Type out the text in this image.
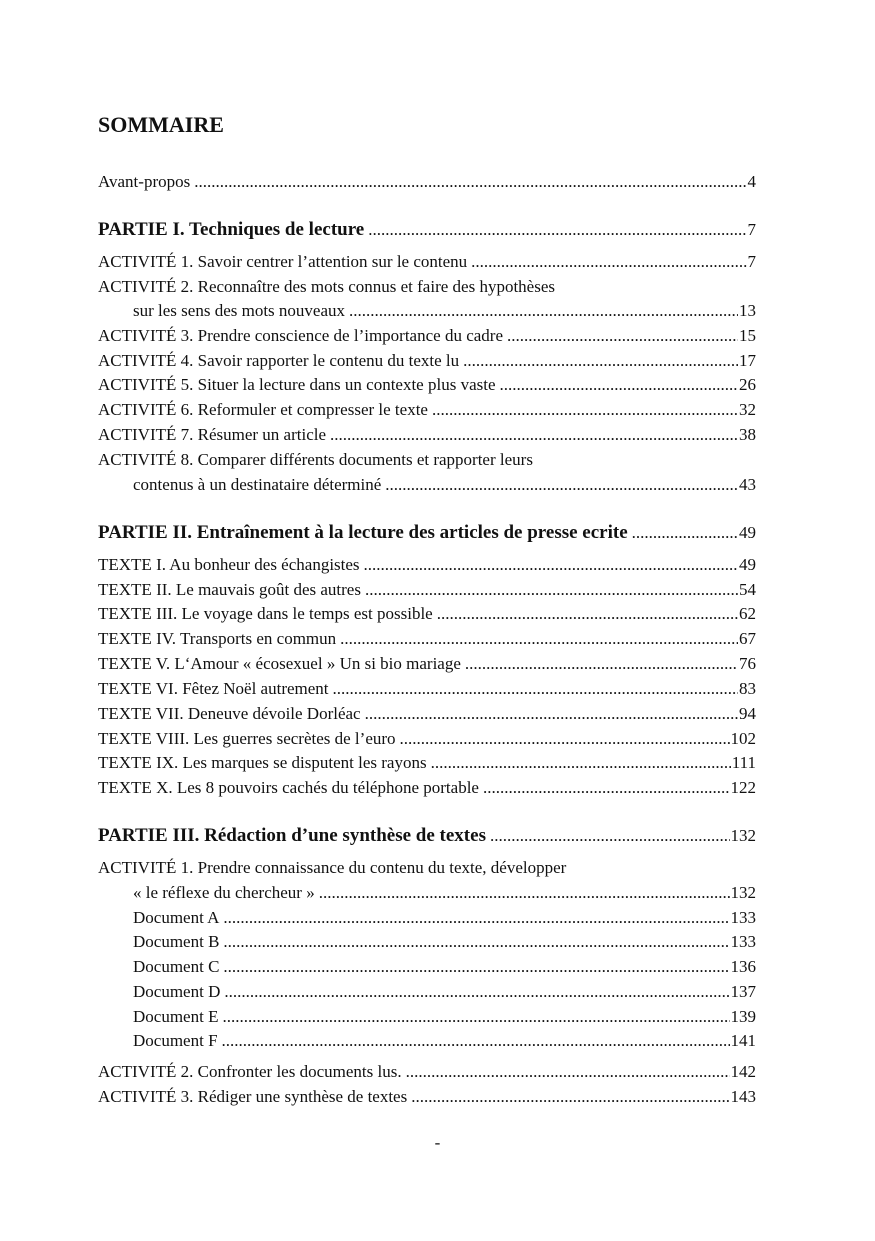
SOMMAIRE
Avant-propos .....	4
PARTIE I. Techniques de lecture .....	7
ACTIVITÉ 1. Savoir centrer l’attention sur le contenu .....	7
ACTIVITÉ 2. Reconnaître des mots connus et faire des hypothèses
sur les sens des mots nouveaux .....	13
ACTIVITÉ 3. Prendre conscience de l’importance du cadre .....	15
ACTIVITÉ 4. Savoir rapporter le contenu du texte lu .....	17
ACTIVITÉ 5. Situer la lecture dans un contexte plus vaste .....	26
ACTIVITÉ 6. Reformuler et compresser le texte .....	32
ACTIVITÉ 7. Résumer un article .....	38
ACTIVITÉ 8. Comparer différents documents et rapporter leurs
contenus à un destinataire déterminé .....	43
PARTIE II. Entraînement à la lecture des articles de presse ecrite .....	49
TEXTE I. Au bonheur des échangistes .....	49
TEXTE II. Le mauvais goût des autres .....	54
TEXTE III. Le voyage dans le temps est possible .....	62
TEXTE IV. Transports en commun .....	67
TEXTE V. L‘Amour « écosexuel » Un si bio mariage .....	76
TEXTE VI. Fêtez Noël autrement .....	83
TEXTE VII. Deneuve dévoile Dorléac .....	94
TEXTE VIII. Les guerres secrètes de l’euro .....	102
TEXTE IX. Les marques se disputent les rayons .....	111
TEXTE X. Les 8 pouvoirs cachés du téléphone portable .....	122
PARTIE III. Rédaction d’une synthèse de textes .....	132
ACTIVITÉ 1. Prendre connaissance du contenu du texte, développer
« le réflexe du chercheur » .....	132
Document A .....	133
Document B .....	133
Document C .....	136
Document D .....	137
Document E .....	139
Document F .....	141
ACTIVITÉ 2. Confronter les documents lus. .....	142
ACTIVITÉ 3. Rédiger une synthèse de textes .....	143
-
